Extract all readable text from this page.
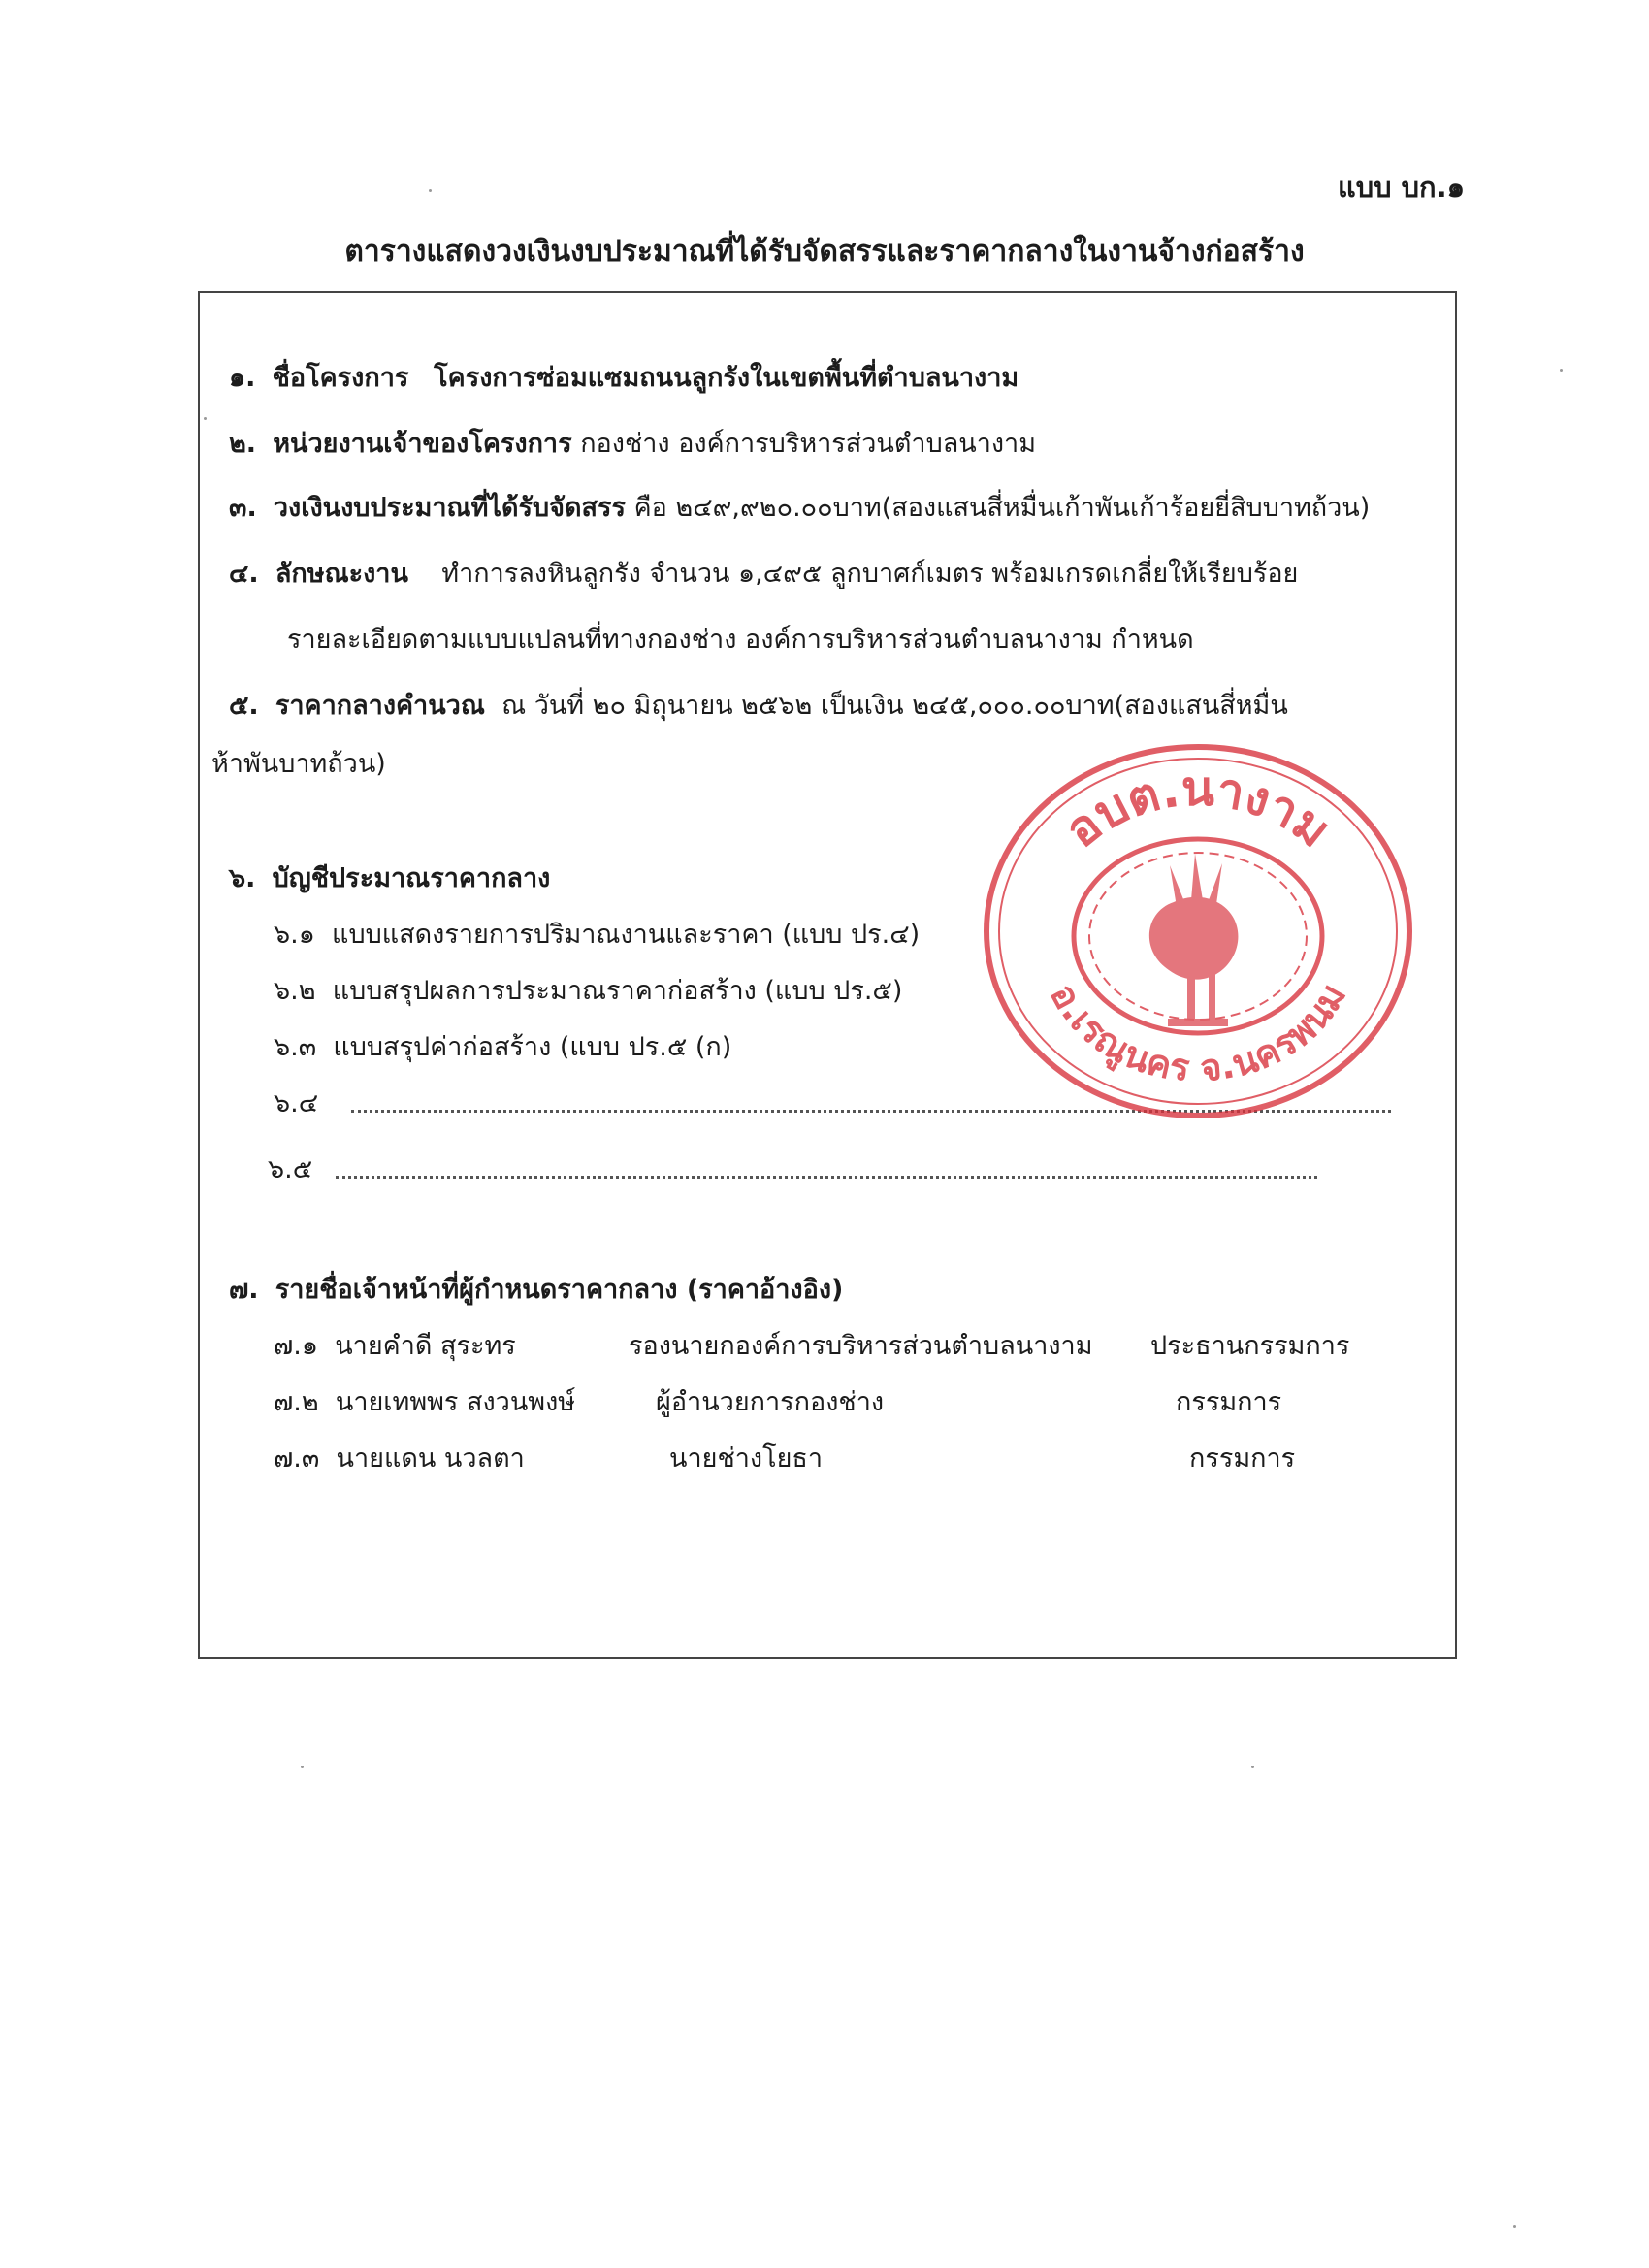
แบบ บก.๑
ตารางแสดงวงเงินงบประมาณที่ได้รับจัดสรรและราคากลางในงานจ้างก่อสร้าง
๑. ชื่อโครงการ โครงการซ่อมแซมถนนลูกรังในเขตพื้นที่ตำบลนางาม
๒. หน่วยงานเจ้าของโครงการ กองช่าง องค์การบริหารส่วนตำบลนางาม
๓. วงเงินงบประมาณที่ได้รับจัดสรร คือ ๒๔๙,๙๒๐.๐๐บาท(สองแสนสี่หมื่นเก้าพันเก้าร้อยยี่สิบบาทถ้วน)
๔. ลักษณะงาน ทำการลงหินลูกรัง จำนวน ๑,๔๙๕ ลูกบาศก์เมตร พร้อมเกรดเกลี่ยให้เรียบร้อย
รายละเอียดตามแบบแปลนที่ทางกองช่าง องค์การบริหารส่วนตำบลนางาม กำหนด
๕. ราคากลางคำนวณ ณ วันที่ ๒๐ มิถุนายน ๒๕๖๒ เป็นเงิน ๒๔๕,๐๐๐.๐๐บาท(สองแสนสี่หมื่น
ห้าพันบาทถ้วน)
๖. บัญชีประมาณราคากลาง
๖.๑ แบบแสดงรายการปริมาณงานและราคา (แบบ ปร.๔)
๖.๒ แบบสรุปผลการประมาณราคาก่อสร้าง (แบบ ปร.๕)
๖.๓ แบบสรุปค่าก่อสร้าง (แบบ ปร.๕ (ก)
๖.๔
๖.๕
๗. รายชื่อเจ้าหน้าที่ผู้กำหนดราคากลาง (ราคาอ้างอิง)
๗.๑ นายคำดี สุระทร	รองนายกองค์การบริหารส่วนตำบลนางาม ประธานกรรมการ
๗.๒ นายเทพพร สงวนพงษ์	ผู้อำนวยการกองช่าง	กรรมการ
๗.๓ นายแดน นวลตา	นายช่างโยธา	กรรมการ
อบต.นางาม
อ.เรณูนคร จ.นครพนม
